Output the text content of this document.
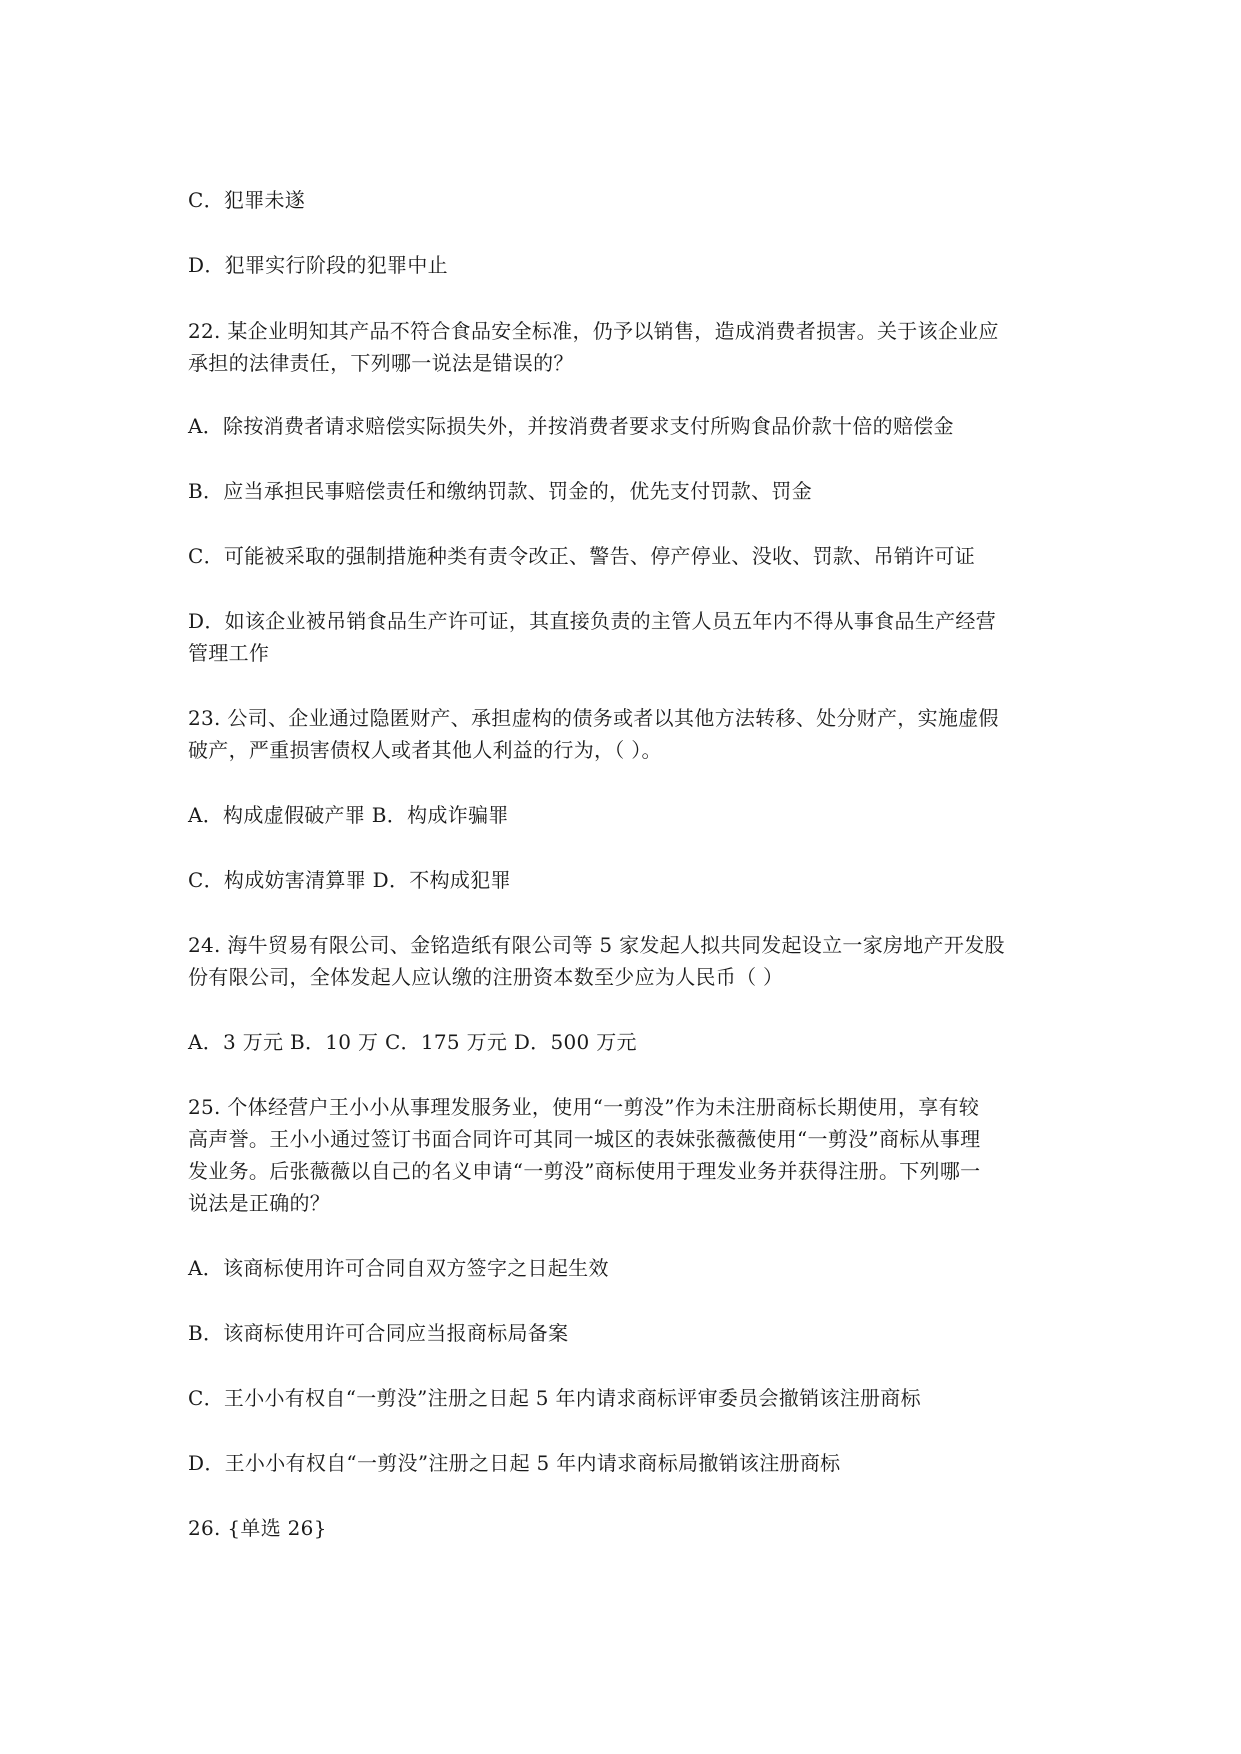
C．犯罪未遂
D．犯罪实行阶段的犯罪中止
22. 某企业明知其产品不符合食品安全标准，仍予以销售，造成消费者损害。关于该企业应
承担的法律责任，下列哪一说法是错误的？
A．除按消费者请求赔偿实际损失外，并按消费者要求支付所购食品价款十倍的赔偿金
B．应当承担民事赔偿责任和缴纳罚款、罚金的，优先支付罚款、罚金
C．可能被采取的强制措施种类有责令改正、警告、停产停业、没收、罚款、吊销许可证
D．如该企业被吊销食品生产许可证，其直接负责的主管人员五年内不得从事食品生产经营
管理工作
23. 公司、企业通过隐匿财产、承担虚构的债务或者以其他方法转移、处分财产，实施虚假
破产，严重损害债权人或者其他人利益的行为，（ ）。
A．构成虚假破产罪 B．构成诈骗罪
C．构成妨害清算罪 D．不构成犯罪
24. 海牛贸易有限公司、金铭造纸有限公司等 5 家发起人拟共同发起设立一家房地产开发股
份有限公司，全体发起人应认缴的注册资本数至少应为人民币（ ）
A．3 万元 B．10 万 C．175 万元 D．500 万元
25. 个体经营户王小小从事理发服务业，使用“一剪没”作为未注册商标长期使用，享有较
高声誉。王小小通过签订书面合同许可其同一城区的表妹张薇薇使用“一剪没”商标从事理
发业务。后张薇薇以自己的名义申请“一剪没”商标使用于理发业务并获得注册。下列哪一
说法是正确的？
A．该商标使用许可合同自双方签字之日起生效
B．该商标使用许可合同应当报商标局备案
C．王小小有权自“一剪没”注册之日起 5 年内请求商标评审委员会撤销该注册商标
D．王小小有权自“一剪没”注册之日起 5 年内请求商标局撤销该注册商标
26. {单选 26}
